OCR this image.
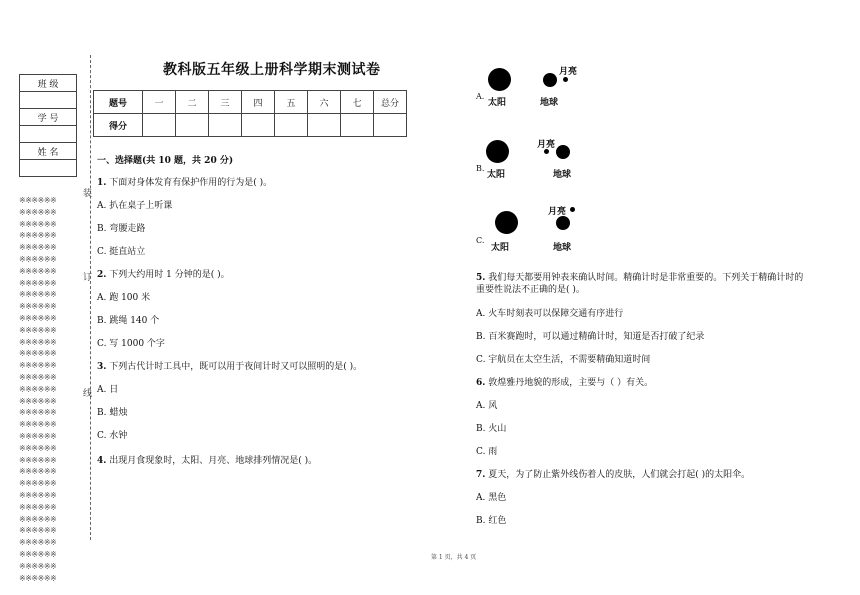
班 级

学 号

姓 名

※※※※※※
※※※※※※
※※※※※※
※※※※※※
※※※※※※
※※※※※※
※※※※※※
※※※※※※
※※※※※※
※※※※※※
※※※※※※
※※※※※※
※※※※※※
※※※※※※
※※※※※※
※※※※※※
※※※※※※
※※※※※※
※※※※※※
※※※※※※
※※※※※※
※※※※※※
※※※※※※
※※※※※※
※※※※※※
※※※※※※
※※※※※※
※※※※※※
※※※※※※
※※※※※※
※※※※※※
※※※※※※
※※※※※※
装
订
线
教科版五年级上册科学期末测试卷
题号	一	二	三	四	五	六	七	总分
得分								
一、选择题(共 10 题，共 20 分)
1. 下面对身体发育有保护作用的行为是( )。
A. 扒在桌子上听课
B. 弯腰走路
C. 挺直站立
2. 下列大约用时 1 分钟的是( )。
A. 跑 100 米
B. 跳绳 140 个
C. 写 1000 个字
3. 下列古代计时工具中，既可以用于夜间计时又可以照明的是( )。
A. 日
B. 蜡烛
C. 水钟
4. 出现月食现象时，太阳、月亮、地球排列情况是( )。
A.
太阳	地球
月亮
B.
太阳	地球
月亮
C.
太阳	地球
月亮
5. 我们每天都要用钟表来确认时间。精确计时是非常重要的。下列关于精确计时的
重要性说法不正确的是( )。
A. 火车时刻表可以保障交通有序进行
B. 百米赛跑时，可以通过精确计时，知道是否打破了纪录
C. 宇航员在太空生活，不需要精确知道时间
6. 敦煌雅丹地貌的形成，主要与（ ）有关。
A. 风
B. 火山
C. 雨
7. 夏天，为了防止紫外线伤着人的皮肤，人们就会打起( )的太阳伞。
A. 黑色
B. 红色
第 1 页，共 4 页
